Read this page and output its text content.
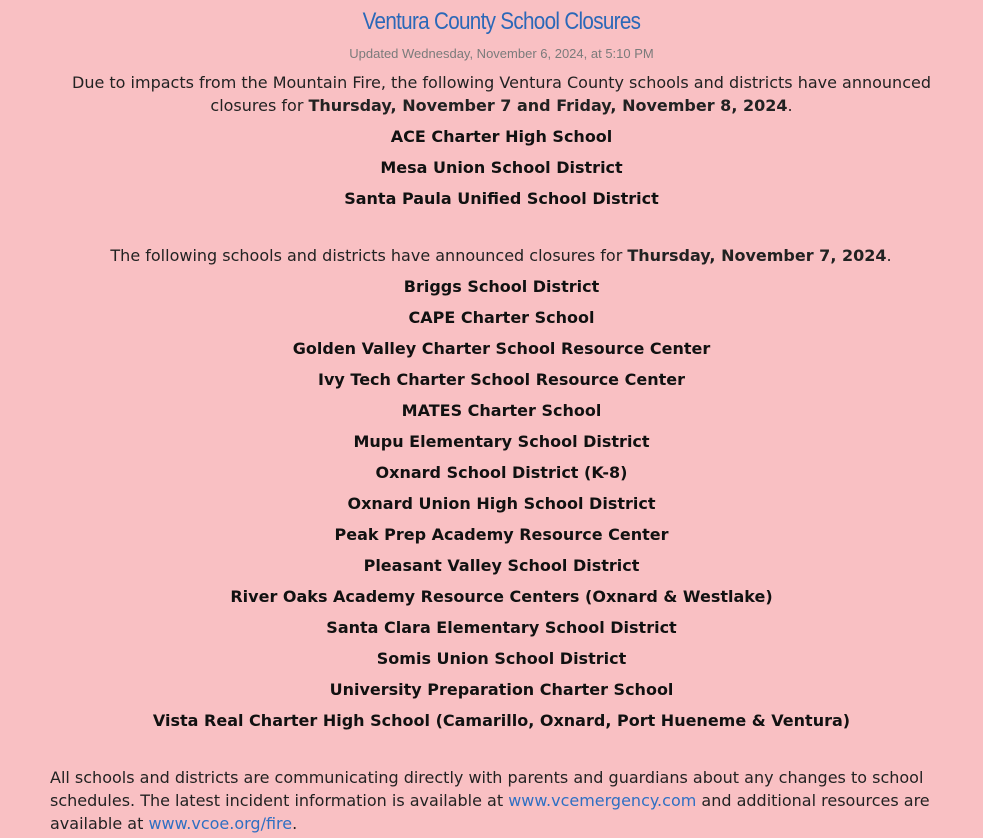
Ventura County School Closures
Updated Wednesday, November 6, 2024, at 5:10 PM
Due to impacts from the Mountain Fire, the following Ventura County schools and districts have announced closures for Thursday, November 7 and Friday, November 8, 2024.
ACE Charter High School
Mesa Union School District
Santa Paula Unified School District
The following schools and districts have announced closures for Thursday, November 7, 2024.
Briggs School District
CAPE Charter School
Golden Valley Charter School Resource Center
Ivy Tech Charter School Resource Center
MATES Charter School
Mupu Elementary School District
Oxnard School District (K-8)
Oxnard Union High School District
Peak Prep Academy Resource Center
Pleasant Valley School District
River Oaks Academy Resource Centers (Oxnard & Westlake)
Santa Clara Elementary School District
Somis Union School District
University Preparation Charter School
Vista Real Charter High School (Camarillo, Oxnard, Port Hueneme & Ventura)
All schools and districts are communicating directly with parents and guardians about any changes to school schedules. The latest incident information is available at www.vcemergency.com and additional resources are available at www.vcoe.org/fire.
